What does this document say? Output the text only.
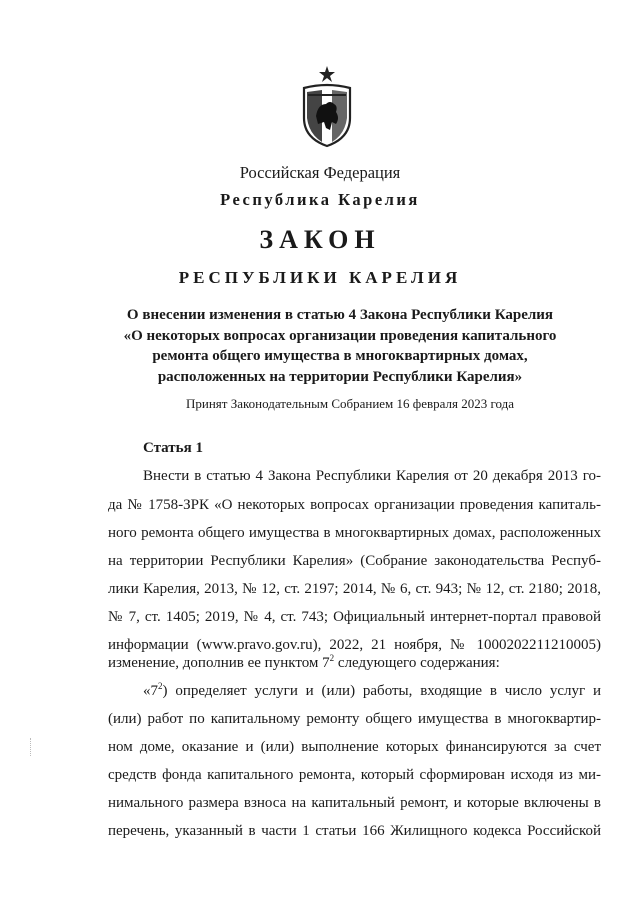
Российская Федерация
Республика Карелия
ЗАКОН
РЕСПУБЛИКИ КАРЕЛИЯ
О внесении изменения в статью 4 Закона Республики Карелия
«О некоторых вопросах организации проведения капитального
ремонта общего имущества в многоквартирных домах,
расположенных на территории Республики Карелия»
Принят Законодательным Собранием 16 февраля 2023 года
Статья 1
Внести в статью 4 Закона Республики Карелия от 20 декабря 2013 го-
да № 1758-ЗРК «О некоторых вопросах организации проведения капиталь-
ного ремонта общего имущества в многоквартирных домах, расположенных
на территории Республики Карелия» (Собрание законодательства Респуб-
лики Карелия, 2013, № 12, ст. 2197; 2014, № 6, ст. 943; № 12, ст. 2180; 2018,
№ 7, ст. 1405; 2019, № 4, ст. 743; Официальный интернет-портал правовой
информации (www.pravo.gov.ru), 2022, 21 ноября, № 1000202211210005)
изменение, дополнив ее пунктом $7^2$ следующего содержания:
«$7^2$) определяет услуги и (или) работы, входящие в число услуг и
(или) работ по капитальному ремонту общего имущества в многоквартир-
ном доме, оказание и (или) выполнение которых финансируются за счет
средств фонда капитального ремонта, который сформирован исходя из ми-
нимального размера взноса на капитальный ремонт, и которые включены в
перечень, указанный в части 1 статьи 166 Жилищного кодекса Российской
